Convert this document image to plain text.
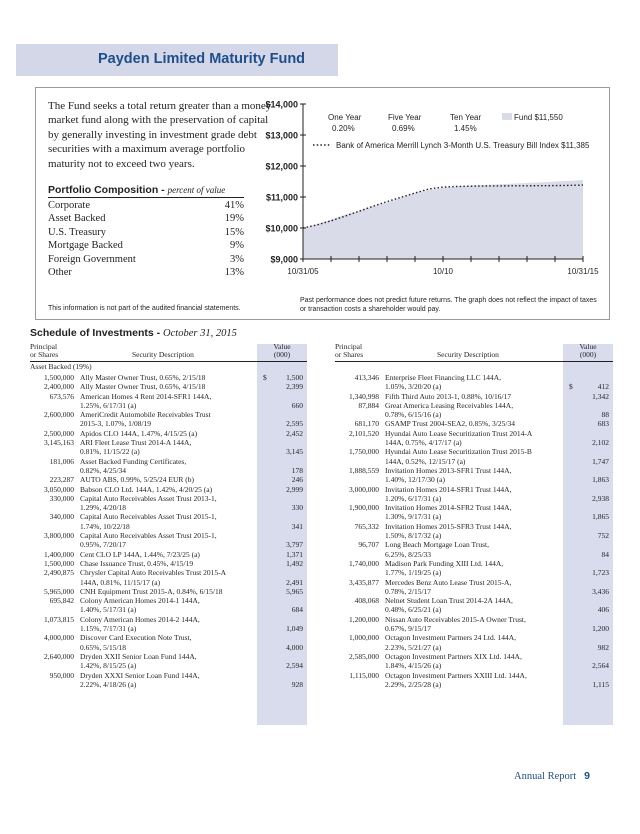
Payden Limited Maturity Fund
The Fund seeks a total return greater than a money market fund along with the preservation of capital by generally investing in investment grade debt securities with a maximum average portfolio maturity not to exceed two years.
Portfolio Composition - percent of value
Corporate	41%
Asset Backed	19%
U.S. Treasury	15%
Mortgage Backed	9%
Foreign Government	3%
Other	13%
This information is not part of the audited financial statements.
Past performance does not predict future returns. The graph does not reflect the impact of taxes or transaction costs a shareholder would pay.
$14,000
$13,000
$12,000
$11,000
$10,000
$9,000
10/31/05	10/10	10/31/15
One Year
0.20%
Five Year
0.69%
Ten Year
1.45%
Fund $11,550
Bank of America Merrill Lynch 3-Month U.S. Treasury Bill Index $11,385
Schedule of Investments - October 31, 2015
Principal
or Shares	Security Description
Value
(000)
Principal
or Shares	Security Description
Value
(000)
Asset Backed (19%)
1,500,000	Ally Master Owner Trust, 0.65%, 2/15/18	$	1,500
2,400,000	Ally Master Owner Trust, 0.65%, 4/15/18		2,399
673,576	American Homes 4 Rent 2014-SFR1 144A,		
	1.25%, 6/17/31 (a)		660
2,600,000	AmeriCredit Automobile Receivables Trust		
	2015-3, 1.07%, 1/08/19		2,595
2,500,000	Apidos CLO 144A, 1.47%, 4/15/25 (a)		2,452
3,145,163	ARI Fleet Lease Trust 2014-A 144A,		
	0.81%, 11/15/22 (a)		3,145
181,006	Asset Backed Funding Certificates,		
	0.82%, 4/25/34		178
223,287	AUTO ABS, 0.99%, 5/25/24 EUR (b)		246
3,050,000	Babson CLO Ltd. 144A, 1.42%, 4/20/25 (a)		2,999
330,000	Capital Auto Receivables Asset Trust 2013-1,		
	1.29%, 4/20/18		330
340,000	Capital Auto Receivables Asset Trust 2015-1,		
	1.74%, 10/22/18		341
3,800,000	Capital Auto Receivables Asset Trust 2015-1,		
	0.95%, 7/20/17		3,797
1,400,000	Cent CLO LP 144A, 1.44%, 7/23/25 (a)		1,371
1,500,000	Chase Issuance Trust, 0.45%, 4/15/19		1,492
2,490,875	Chrysler Capital Auto Receivables Trust 2015-A		
	144A, 0.81%, 11/15/17 (a)		2,491
5,965,000	CNH Equipment Trust 2015-A, 0.84%, 6/15/18		5,965
695,842	Colony American Homes 2014-1 144A,		
	1.40%, 5/17/31 (a)		684
1,073,815	Colony American Homes 2014-2 144A,		
	1.15%, 7/17/31 (a)		1,049
4,000,000	Discover Card Execution Note Trust,		
	0.65%, 5/15/18		4,000
2,640,000	Dryden XXII Senior Loan Fund 144A,		
	1.42%, 8/15/25 (a)		2,594
950,000	Dryden XXXI Senior Loan Fund 144A,		
	2.22%, 4/18/26 (a)		928
413,346	Enterprise Fleet Financing LLC 144A,		
	1.05%, 3/20/20 (a)	$	412
1,340,998	Fifth Third Auto 2013-1, 0.88%, 10/16/17		1,342
87,884	Great America Leasing Receivables 144A,		
	0.78%, 6/15/16 (a)		88
681,170	GSAMP Trust 2004-SEA2, 0.85%, 3/25/34		683
2,101,520	Hyundai Auto Lease Securitization Trust 2014-A		
	144A, 0.75%, 4/17/17 (a)		2,102
1,750,000	Hyundai Auto Lease Securitization Trust 2015-B		
	144A, 0.52%, 12/15/17 (a)		1,747
1,888,559	Invitation Homes 2013-SFR1 Trust 144A,		
	1.40%, 12/17/30 (a)		1,863
3,000,000	Invitation Homes 2014-SFR1 Trust 144A,		
	1.20%, 6/17/31 (a)		2,938
1,900,000	Invitation Homes 2014-SFR2 Trust 144A,		
	1.30%, 9/17/31 (a)		1,865
765,332	Invitation Homes 2015-SFR3 Trust 144A,		
	1.50%, 8/17/32 (a)		752
96,707	Long Beach Mortgage Loan Trust,		
	6.25%, 8/25/33		84
1,740,000	Madison Park Funding XIII Ltd. 144A,		
	1.77%, 1/19/25 (a)		1,723
3,435,877	Mercedes Benz Auto Lease Trust 2015-A,		
	0.78%, 2/15/17		3,436
408,068	Nelnet Student Loan Trust 2014-2A 144A,		
	0.48%, 6/25/21 (a)		406
1,200,000	Nissan Auto Receivables 2015-A Owner Trust,		
	0.67%, 9/15/17		1,200
1,000,000	Octagon Investment Partners 24 Ltd. 144A,		
	2.23%, 5/21/27 (a)		982
2,585,000	Octagon Investment Partners XIX Ltd. 144A,		
	1.84%, 4/15/26 (a)		2,564
1,115,000	Octagon Investment Partners XXIII Ltd. 144A,		
	2.29%, 2/25/28 (a)		1,115
Annual Report 9
